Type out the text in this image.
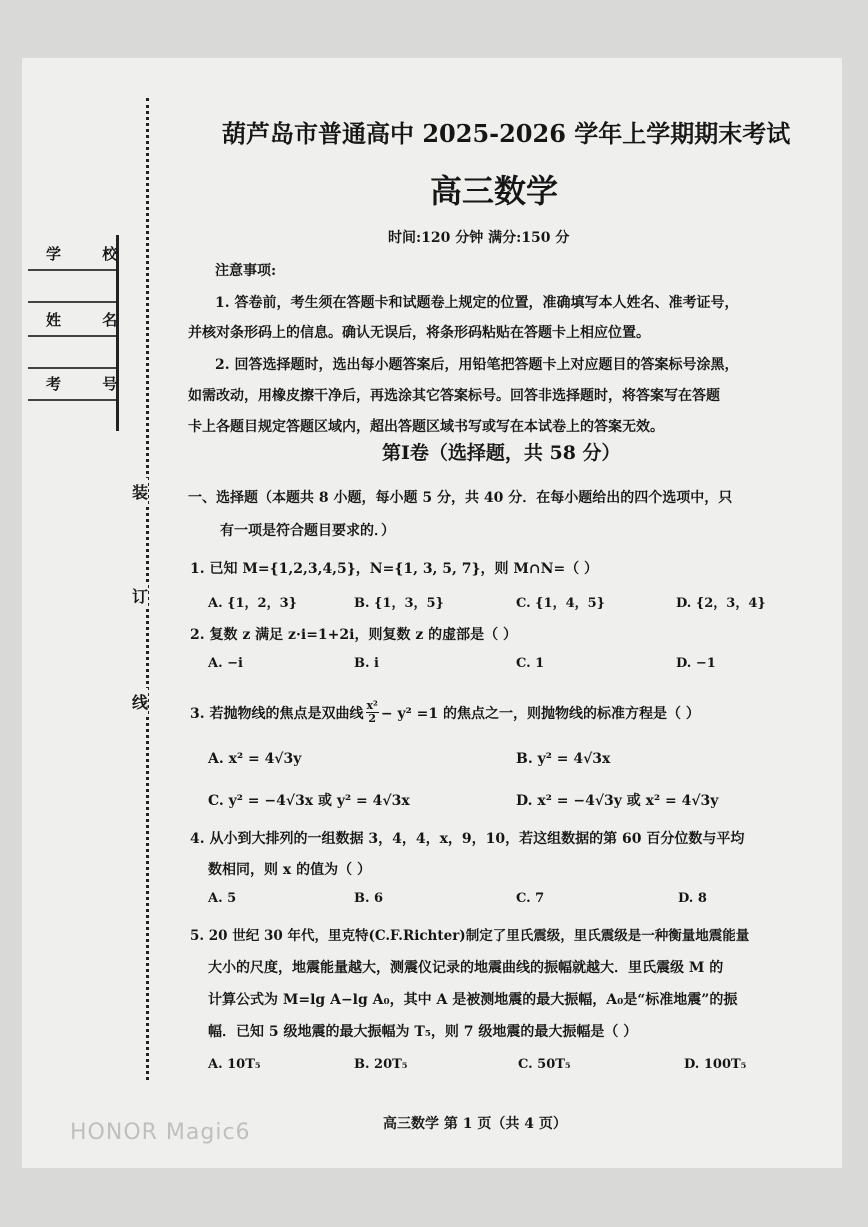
学 校
姓 名
考 号
装
订
线
葫芦岛市普通高中 2025-2026 学年上学期期末考试
高三数学
时间:120 分钟 满分:150 分
注意事项:
1. 答卷前，考生须在答题卡和试题卷上规定的位置，准确填写本人姓名、准考证号，
并核对条形码上的信息。确认无误后，将条形码粘贴在答题卡上相应位置。
2. 回答选择题时，选出每小题答案后，用铅笔把答题卡上对应题目的答案标号涂黑，
如需改动，用橡皮擦干净后，再选涂其它答案标号。回答非选择题时，将答案写在答题
卡上各题目规定答题区域内，超出答题区域书写或写在本试卷上的答案无效。
第Ⅰ卷（选择题，共 58 分）
一、选择题（本题共 8 小题，每小题 5 分，共 40 分．在每小题给出的四个选项中，只
有一项是符合题目要求的．）
1. 已知 M={1,2,3,4,5}，N={1, 3, 5, 7}，则 M∩N=（ ）
A. {1，2，3}	B. {1，3，5}	C. {1，4，5}	D. {2，3，4}
2. 复数 z 满足 z·i=1+2i，则复数 z 的虚部是（ ）
A. −i	B. i	C. 1	D. −1
3. 若抛物线的焦点是双曲线 $\frac{\text{x²}}{2} - y^2 =1$ 的焦点之一，则抛物线的标准方程是（ ）
A. x² = 4√3y	B. y² = 4√3x
C. y² = −4√3x 或 y² = 4√3x	D. x² = −4√3y 或 x² = 4√3y
4. 从小到大排列的一组数据 3，4，4，x，9，10，若这组数据的第 60 百分位数与平均
数相同，则 x 的值为（ ）
A. 5	B. 6	C. 7	D. 8
5. 20 世纪 30 年代，里克特(C.F.Richter)制定了里氏震级，里氏震级是一种衡量地震能量
大小的尺度，地震能量越大，测震仪记录的地震曲线的振幅就越大．里氏震级 M 的
计算公式为 M=lg A−lg A₀，其中 A 是被测地震的最大振幅，A₀是“标准地震”的振
幅．已知 5 级地震的最大振幅为 T₅，则 7 级地震的最大振幅是（ ）
A. 10T₅	B. 20T₅	C. 50T₅	D. 100T₅
高三数学 第 1 页（共 4 页）
HONOR Magic6
